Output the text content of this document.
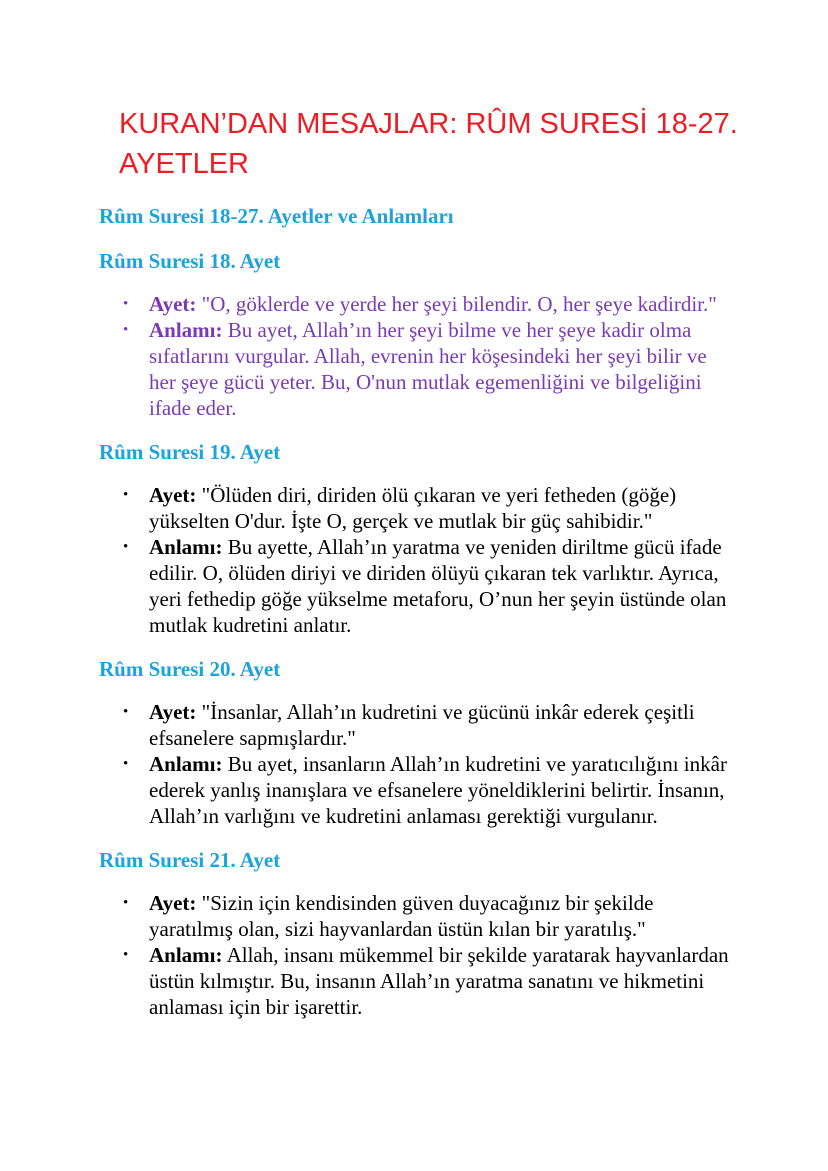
KURAN’DAN MESAJLAR: RÛM SURESİ 18-27. AYETLER
Rûm Suresi 18-27. Ayetler ve Anlamları
Rûm Suresi 18. Ayet
• Ayet: "O, göklerde ve yerde her şeyi bilendir. O, her şeye kadirdir."
• Anlamı: Bu ayet, Allah’ın her şeyi bilme ve her şeye kadir olma sıfatlarını vurgular. Allah, evrenin her köşesindeki her şeyi bilir ve her şeye gücü yeter. Bu, O'nun mutlak egemenliğini ve bilgeliğini ifade eder.
Rûm Suresi 19. Ayet
• Ayet: "Ölüden diri, diriden ölü çıkaran ve yeri fetheden (göğe) yükselten O'dur. İşte O, gerçek ve mutlak bir güç sahibidir."
• Anlamı: Bu ayette, Allah’ın yaratma ve yeniden diriltme gücü ifade edilir. O, ölüden diriyi ve diriden ölüyü çıkaran tek varlıktır. Ayrıca, yeri fethedip göğe yükselme metaforu, O’nun her şeyin üstünde olan mutlak kudretini anlatır.
Rûm Suresi 20. Ayet
• Ayet: "İnsanlar, Allah’ın kudretini ve gücünü inkâr ederek çeşitli efsanelere sapmışlardır."
• Anlamı: Bu ayet, insanların Allah’ın kudretini ve yaratıcılığını inkâr ederek yanlış inanışlara ve efsanelere yöneldiklerini belirtir. İnsanın, Allah’ın varlığını ve kudretini anlaması gerektiği vurgulanır.
Rûm Suresi 21. Ayet
• Ayet: "Sizin için kendisinden güven duyacağınız bir şekilde yaratılmış olan, sizi hayvanlardan üstün kılan bir yaratılış."
• Anlamı: Allah, insanı mükemmel bir şekilde yaratarak hayvanlardan üstün kılmıştır. Bu, insanın Allah’ın yaratma sanatını ve hikmetini anlaması için bir işarettir.
